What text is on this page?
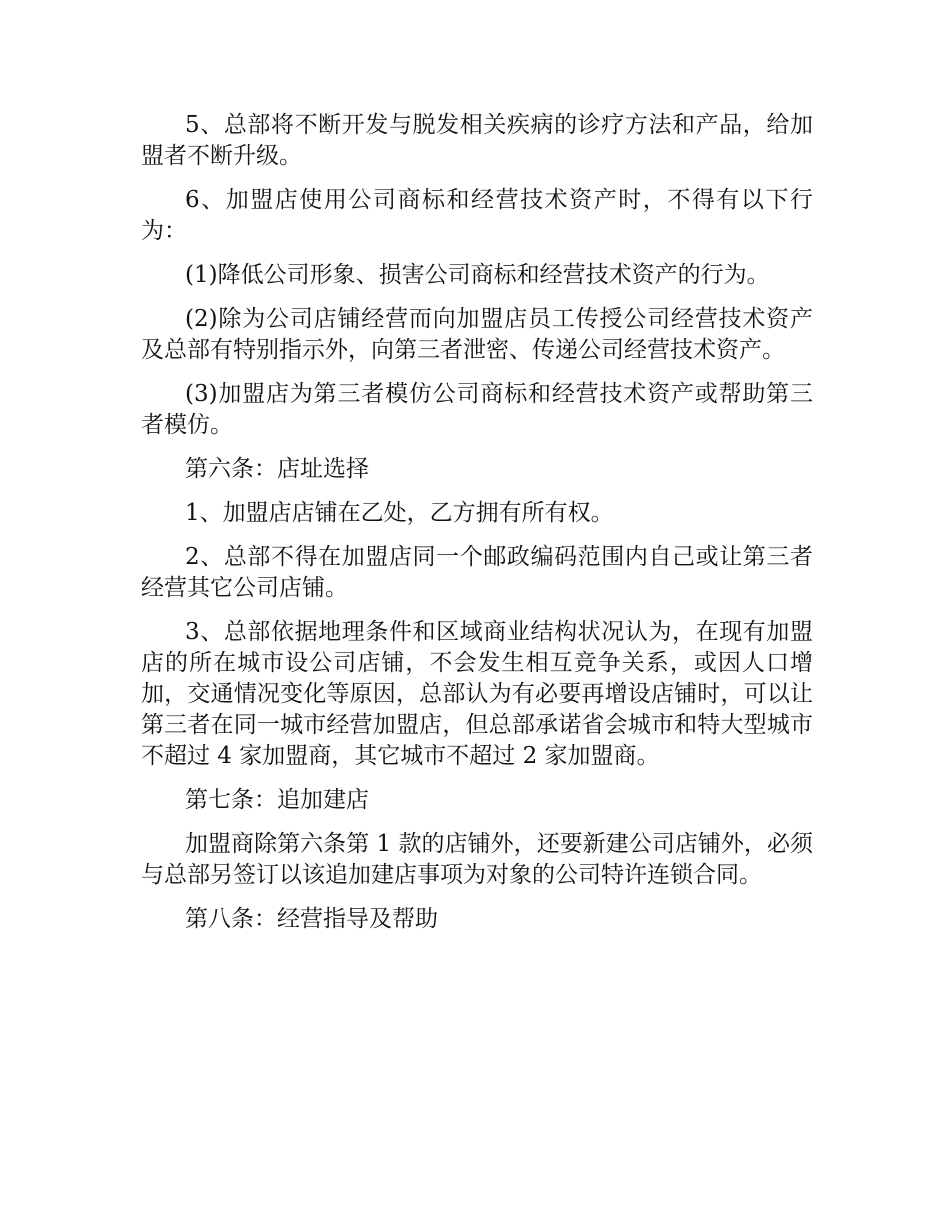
5、总部将不断开发与脱发相关疾病的诊疗方法和产品，给加盟者不断升级。

6、加盟店使用公司商标和经营技术资产时，不得有以下行为：

(1)降低公司形象、损害公司商标和经营技术资产的行为。

(2)除为公司店铺经营而向加盟店员工传授公司经营技术资产及总部有特别指示外，向第三者泄密、传递公司经营技术资产。

(3)加盟店为第三者模仿公司商标和经营技术资产或帮助第三者模仿。

第六条：店址选择

1、加盟店店铺在乙处，乙方拥有所有权。

2、总部不得在加盟店同一个邮政编码范围内自己或让第三者经营其它公司店铺。

3、总部依据地理条件和区域商业结构状况认为，在现有加盟店的所在城市设公司店铺，不会发生相互竞争关系，或因人口增加，交通情况变化等原因，总部认为有必要再增设店铺时，可以让第三者在同一城市经营加盟店，但总部承诺省会城市和特大型城市不超过 4 家加盟商，其它城市不超过 2 家加盟商。

第七条：追加建店

加盟商除第六条第 1 款的店铺外，还要新建公司店铺外，必须与总部另签订以该追加建店事项为对象的公司特许连锁合同。

第八条：经营指导及帮助
